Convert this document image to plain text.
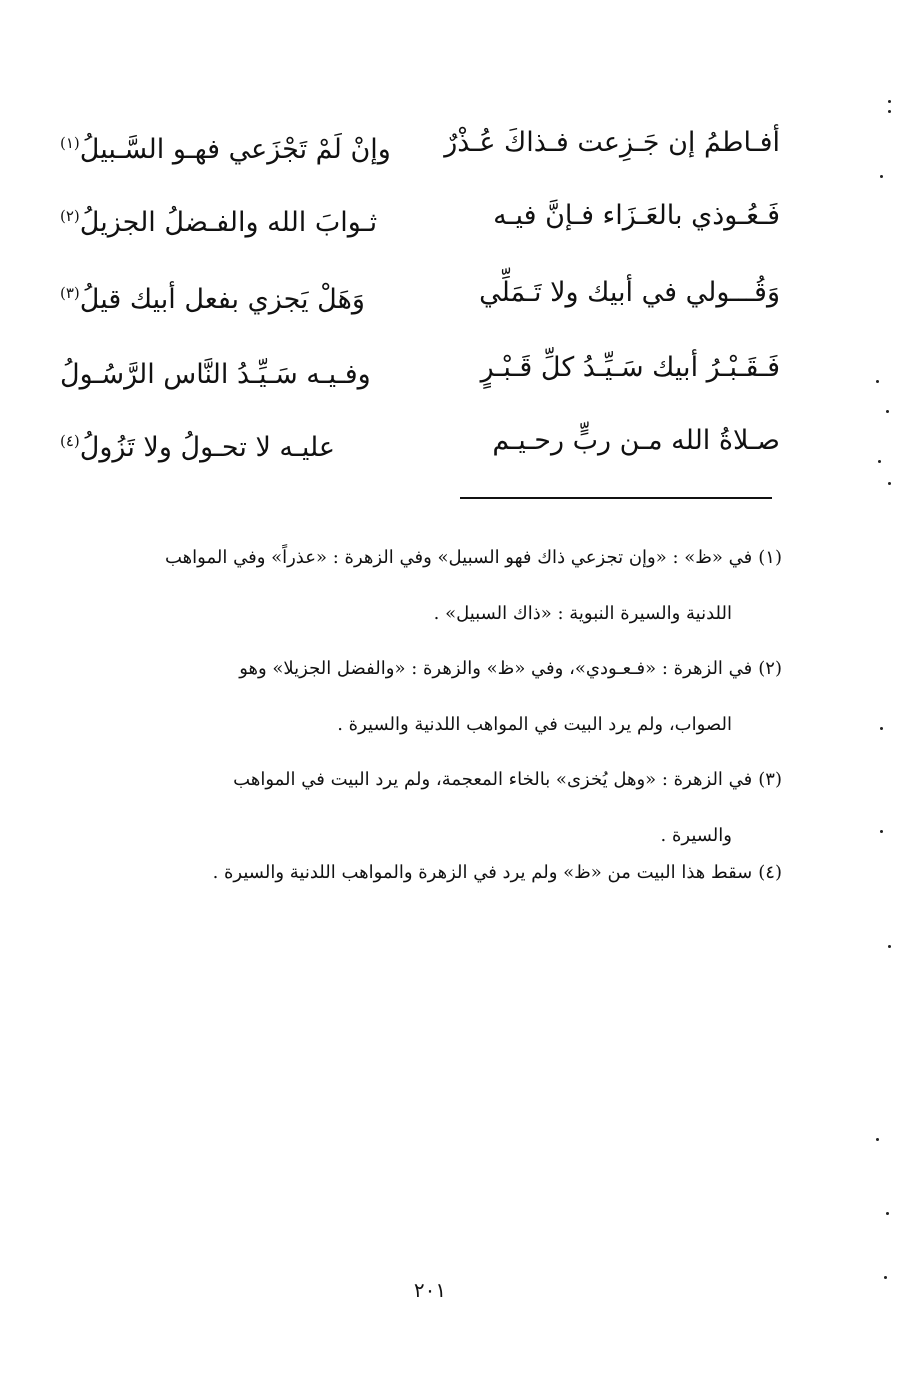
أفـاطمُ إن جَـزِعت فـذاكَ عُـذْرٌ
وإنْ لَمْ تَجْزَعي فهـو السَّـبيلُ$^{(١)}$
فَـعُـوذي بالعَـزَاء فـإنَّ فيـه
ثـوابَ الله والفـضلُ الجزيلُ$^{(٢)}$
وَقُـــولي في أبيك ولا تَـمَلِّي
وَهَلْ يَجزي بفعل أبيك قيلُ$^{(٣)}$
فَـقَـبْـرُ أبيك سَـيِّـدُ كلِّ قَـبْـرٍ
وفـيـه سَـيِّـدُ النَّاس الرَّسُـولُ
صـلاةُ الله مـن ربٍّ رحـيـم
عليـه لا تحـولُ ولا تَزُولُ$^{(٤)}$
(١)في «ظ» : «وإن تجزعي ذاك فهو السبيل» وفي الزهرة : «عذراً» وفي المواهب
اللدنية والسيرة النبوية : «ذاك السبيل» .
(٢)في الزهرة : «فـعـودي»، وفي «ظ» والزهرة : «والفضل الجزيلا» وهو
الصواب، ولم يرد البيت في المواهب اللدنية والسيرة .
(٣)في الزهرة : «وهل يُخزى» بالخاء المعجمة، ولم يرد البيت في المواهب
والسيرة .
(٤)سقط هذا البيت من «ظ» ولم يرد في الزهرة والمواهب اللدنية والسيرة .
٢٠١
